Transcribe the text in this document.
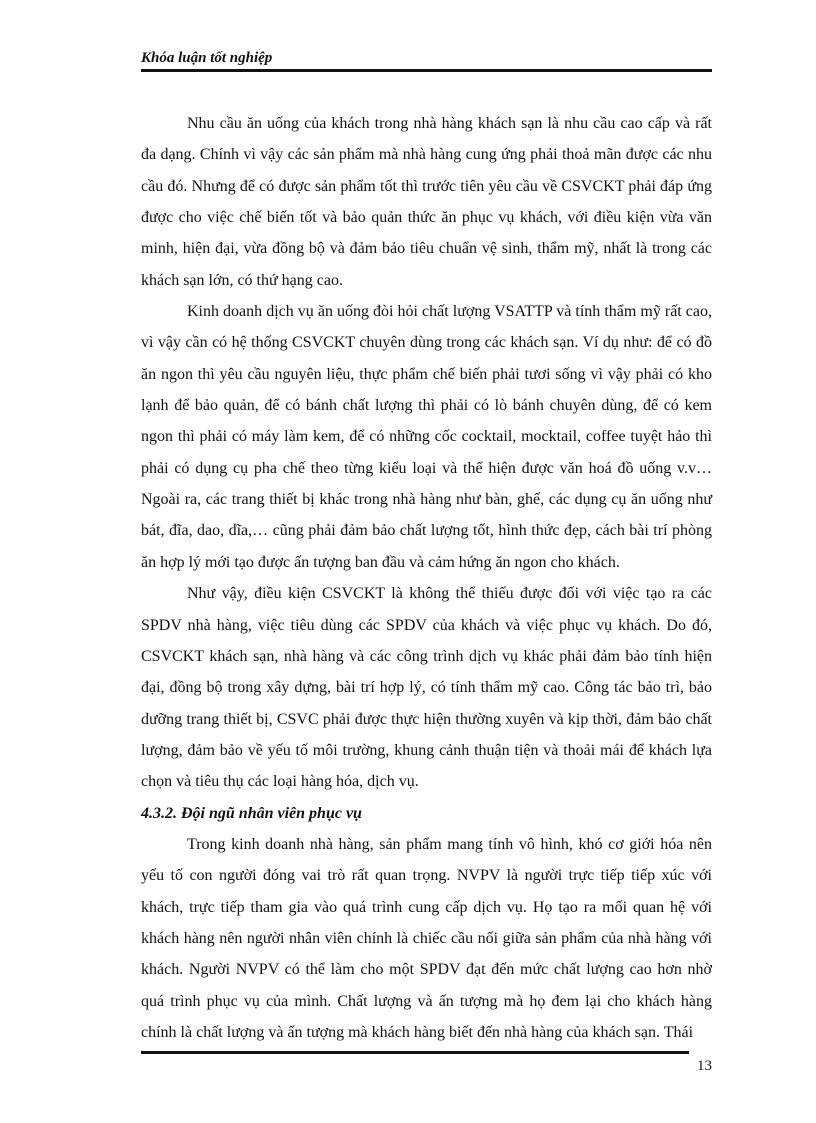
Khóa luận tốt nghiệp

Nhu cầu ăn uống của khách trong nhà hàng khách sạn là nhu cầu cao cấp và rất đa dạng. Chính vì vậy các sản phẩm mà nhà hàng cung ứng phải thoả mãn được các nhu cầu đó. Nhưng để có được sản phẩm tốt thì trước tiên yêu cầu về CSVCKT phải đáp ứng được cho việc chế biến tốt và bảo quản thức ăn phục vụ khách, với điều kiện vừa văn minh, hiện đại, vừa đồng bộ và đảm bảo tiêu chuẩn vệ sinh, thẩm mỹ, nhất là trong các khách sạn lớn, có thứ hạng cao.

Kinh doanh dịch vụ ăn uống đòi hỏi chất lượng VSATTP và tính thẩm mỹ rất cao, vì vậy cần có hệ thống CSVCKT chuyên dùng trong các khách sạn. Ví dụ như: để có đồ ăn ngon thì yêu cầu nguyên liệu, thực phẩm chế biến phải tươi sống vì vậy phải có kho lạnh để bảo quản, để có bánh chất lượng thì phải có lò bánh chuyên dùng, để có kem ngon thì phải có máy làm kem, để có những cốc cocktail, mocktail, coffee tuyệt hảo thì phải có dụng cụ pha chế theo từng kiểu loại và thể hiện được văn hoá đồ uống v.v… Ngoài ra, các trang thiết bị khác trong nhà hàng như bàn, ghế, các dụng cụ ăn uống như bát, đĩa, dao, dĩa,… cũng phải đảm bảo chất lượng tốt, hình thức đẹp, cách bài trí phòng ăn hợp lý mới tạo được ấn tượng ban đầu và cảm hứng ăn ngon cho khách.

Như vậy, điều kiện CSVCKT là không thể thiếu được đối với việc tạo ra các SPDV nhà hàng, việc tiêu dùng các SPDV của khách và việc phục vụ khách. Do đó, CSVCKT khách sạn, nhà hàng và các công trình dịch vụ khác phải đảm bảo tính hiện đại, đồng bộ trong xây dựng, bài trí hợp lý, có tính thẩm mỹ cao. Công tác bảo trì, bảo dưỡng trang thiết bị, CSVC phải được thực hiện thường xuyên và kịp thời, đảm bảo chất lượng, đảm bảo về yếu tố môi trường, khung cảnh thuận tiện và thoải mái để khách lựa chọn và tiêu thụ các loại hàng hóa, dịch vụ.

4.3.2. Đội ngũ nhân viên phục vụ

Trong kinh doanh nhà hàng, sản phẩm mang tính vô hình, khó cơ giới hóa nên yếu tố con người đóng vai trò rất quan trọng. NVPV là người trực tiếp tiếp xúc với khách, trực tiếp tham gia vào quá trình cung cấp dịch vụ. Họ tạo ra mối quan hệ với khách hàng nên người nhân viên chính là chiếc cầu nối giữa sản phẩm của nhà hàng với khách. Người NVPV có thể làm cho một SPDV đạt đến mức chất lượng cao hơn nhờ quá trình phục vụ của mình. Chất lượng và ấn tượng mà họ đem lại cho khách hàng chính là chất lượng và ấn tượng mà khách hàng biết đến nhà hàng của khách sạn. Thái

13
